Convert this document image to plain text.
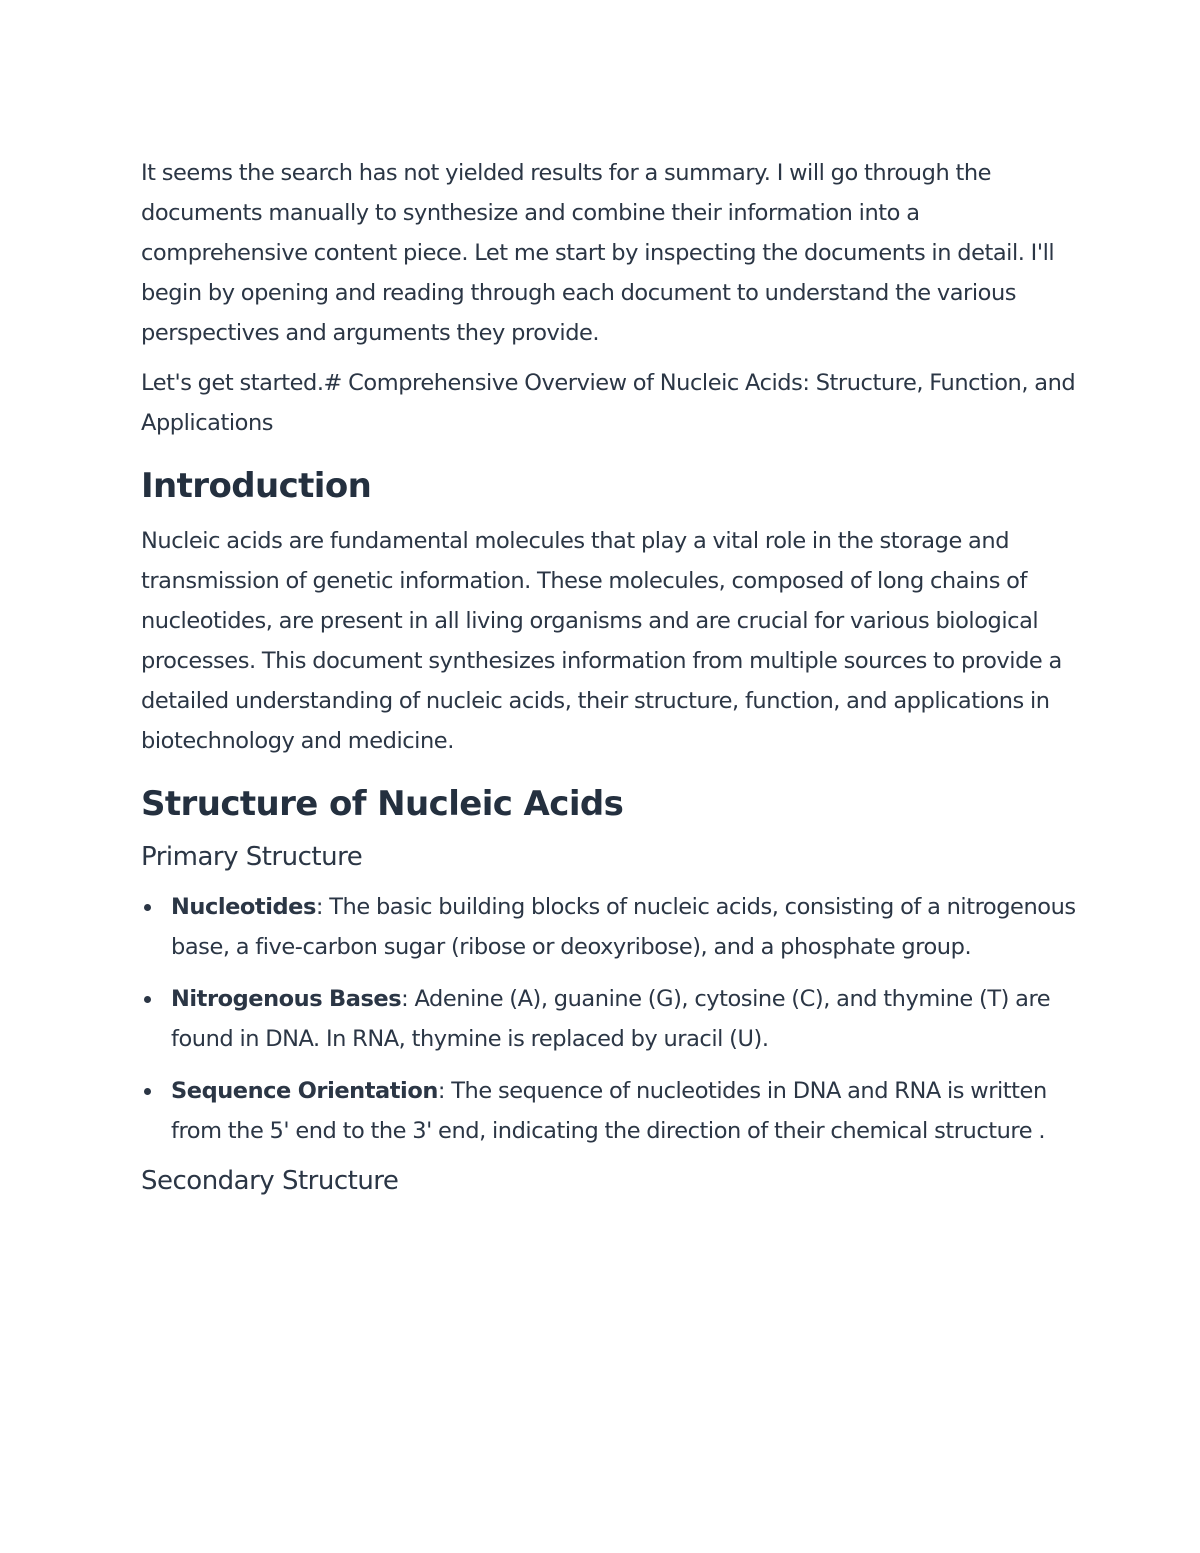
It seems the search has not yielded results for a summary. I will go through the documents manually to synthesize and combine their information into a comprehensive content piece. Let me start by inspecting the documents in detail. I'll begin by opening and reading through each document to understand the various perspectives and arguments they provide.

Let's get started.# Comprehensive Overview of Nucleic Acids: Structure, Function, and Applications

Introduction

Nucleic acids are fundamental molecules that play a vital role in the storage and transmission of genetic information. These molecules, composed of long chains of nucleotides, are present in all living organisms and are crucial for various biological processes. This document synthesizes information from multiple sources to provide a detailed understanding of nucleic acids, their structure, function, and applications in biotechnology and medicine.

Structure of Nucleic Acids
Primary Structure
Nucleotides: The basic building blocks of nucleic acids, consisting of a nitrogenous base, a five-carbon sugar (ribose or deoxyribose), and a phosphate group.
Nitrogenous Bases: Adenine (A), guanine (G), cytosine (C), and thymine (T) are found in DNA. In RNA, thymine is replaced by uracil (U).
Sequence Orientation: The sequence of nucleotides in DNA and RNA is written from the 5' end to the 3' end, indicating the direction of their chemical structure .
Secondary Structure
